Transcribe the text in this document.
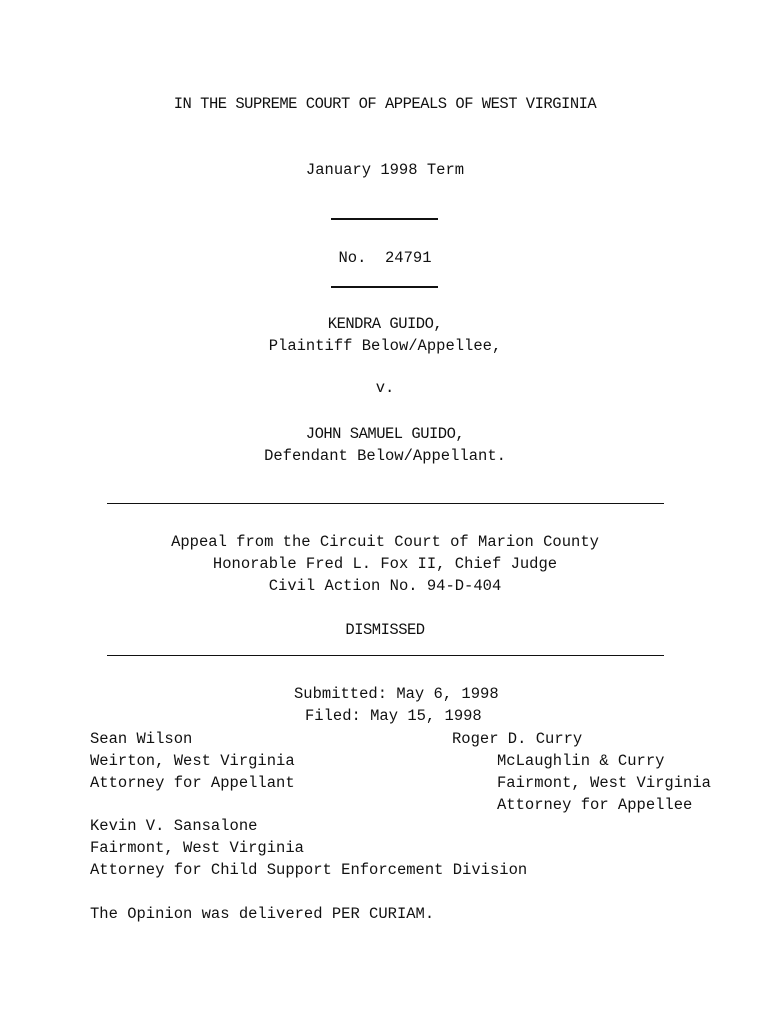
IN THE SUPREME COURT OF APPEALS OF WEST VIRGINIA
January 1998 Term
No.  24791
KENDRA GUIDO,
Plaintiff Below/Appellee,
v.
JOHN SAMUEL GUIDO,
Defendant Below/Appellant.
Appeal from the Circuit Court of Marion County
Honorable Fred L. Fox II, Chief Judge
Civil Action No. 94-D-404
DISMISSED
Submitted: May 6, 1998
Filed: May 15, 1998
Sean Wilson
Weirton, West Virginia
Attorney for Appellant
Roger D. Curry
McLaughlin & Curry
Fairmont, West Virginia
Attorney for Appellee
Kevin V. Sansalone
Fairmont, West Virginia
Attorney for Child Support Enforcement Division
The Opinion was delivered PER CURIAM.
